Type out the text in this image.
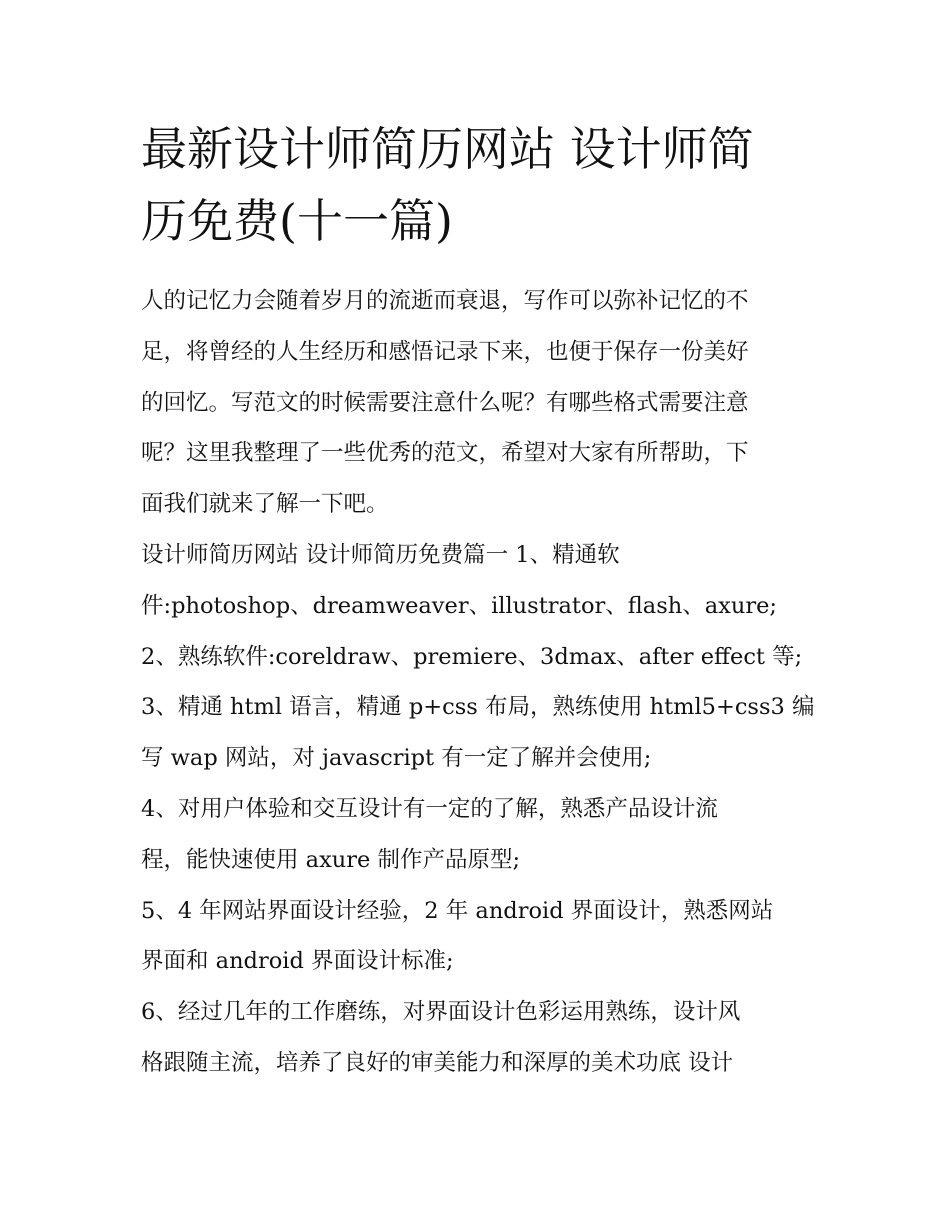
最新设计师简历网站 设计师简
历免费(十一篇)
人的记忆力会随着岁月的流逝而衰退，写作可以弥补记忆的不
足，将曾经的人生经历和感悟记录下来，也便于保存一份美好
的回忆。写范文的时候需要注意什么呢？有哪些格式需要注意
呢？这里我整理了一些优秀的范文，希望对大家有所帮助，下
面我们就来了解一下吧。
设计师简历网站 设计师简历免费篇一 1、精通软
件:photoshop、dreamweaver、illustrator、flash、axure;
2、熟练软件:coreldraw、premiere、3dmax、after effect 等;
3、精通 html 语言，精通 p+css 布局，熟练使用 html5+css3 编
写 wap 网站，对 javascript 有一定了解并会使用;
4、对用户体验和交互设计有一定的了解，熟悉产品设计流
程，能快速使用 axure 制作产品原型;
5、4 年网站界面设计经验，2 年 android 界面设计，熟悉网站
界面和 android 界面设计标准;
6、经过几年的工作磨练，对界面设计色彩运用熟练，设计风
格跟随主流，培养了良好的审美能力和深厚的美术功底 设计
